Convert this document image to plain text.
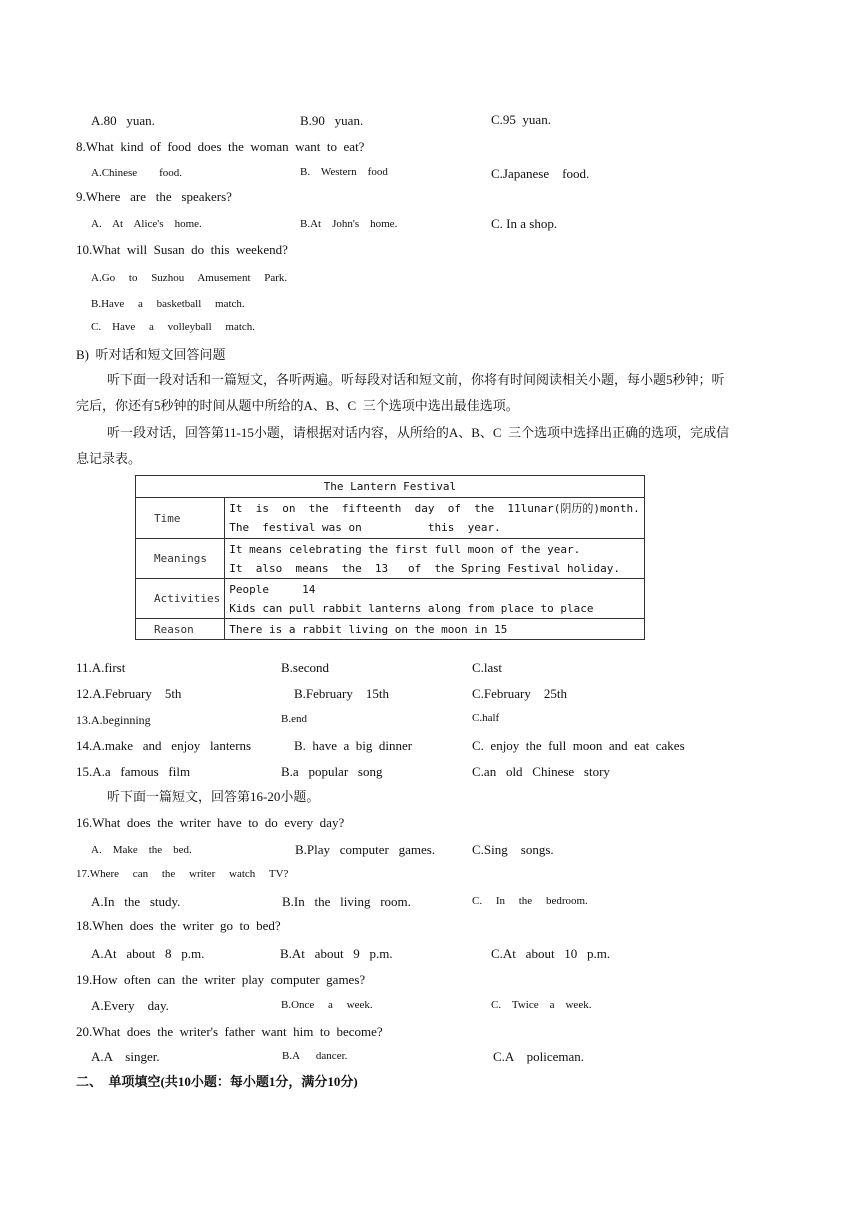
A.80   yuan.	B.90   yuan.	C.95  yuan.
8.What  kind  of  food  does  the  woman  want  to  eat?
A.Chinese        food.	B.    Western    food	C.Japanese    food.
9.Where   are   the   speakers?
A.    At    Alice's    home.	B.At    John's    home.	C. In a shop.
10.What  will  Susan  do  this  weekend?
A.Go     to     Suzhou     Amusement     Park.
B.Have     a     basketball     match.
C.    Have     a     volleyball     match.
B)  听对话和短文回答问题
听下面一段对话和一篇短文，各听两遍。听每段对话和短文前，你将有时间阅读相关小题，每小题5秒钟；听
完后，你还有5秒钟的时间从题中所给的A、B、C  三个选项中选出最佳选项。
听一段对话，回答第11-15小题，请根据对话内容，从所给的A、B、C  三个选项中选择出正确的选项，完成信
息记录表。
The Lantern Festival	
Time	It  is  on  the  fifteenth  day  of  the  11lunar(阴历的)month.
The  festival was on          this  year.

Meanings	It means celebrating the first full moon of the year.
It  also  means  the  13   of  the Spring Festival holiday.

Activities	People     14
Kids can pull rabbit lanterns along from place to place

Reason	There is a rabbit living on the moon in 15
11.A.first	B.second	C.last
12.A.February    5th	B.February    15th	C.February    25th
13.A.beginning	B.end	C.half
14.A.make   and   enjoy   lanterns	B.  have  a  big  dinner	C.  enjoy  the  full  moon  and  eat  cakes
15.A.a   famous   film	B.a   popular   song	C.an   old   Chinese   story
听下面一篇短文，回答第16-20小题。
16.What  does  the  writer  have  to  do  every  day?
A.    Make    the    bed.	B.Play   computer   games.	C.Sing    songs.
17.Where     can     the     writer     watch     TV?
A.In   the   study.	B.In   the   living   room.	C.     In     the     bedroom.
18.When  does  the  writer  go  to  bed?
A.At   about   8   p.m.	B.At   about   9   p.m.	C.At   about   10   p.m.
19.How  often  can  the  writer  play  computer  games?
A.Every    day.	B.Once     a     week.	C.    Twice    a    week.
20.What  does  the  writer's  father  want  him  to  become?
A.A    singer.	B.A      dancer.	C.A    policeman.
二、  单项填空(共10小题：每小题1分，满分10分)
